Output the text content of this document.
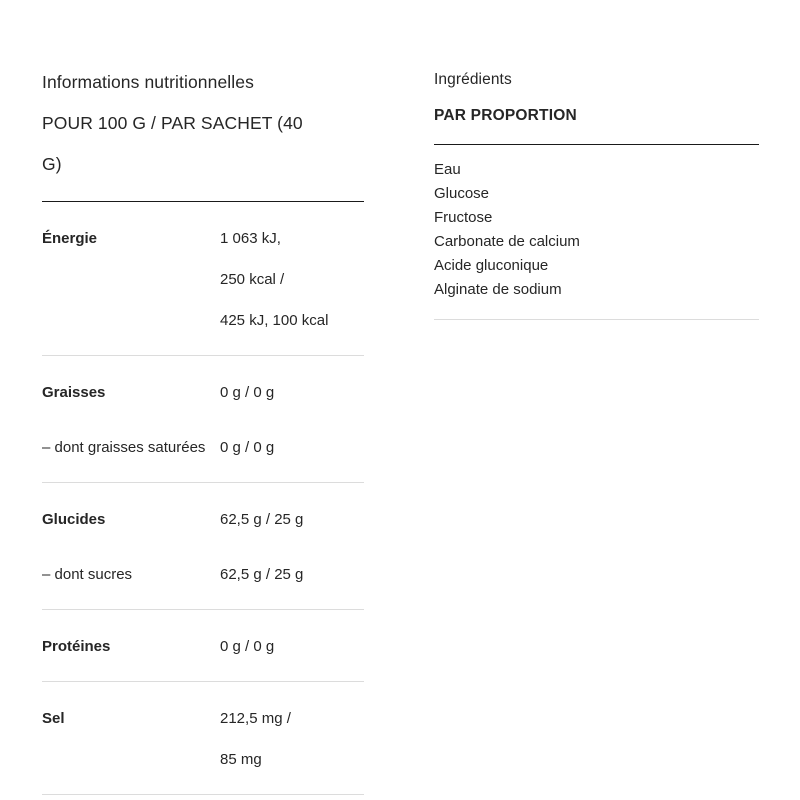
Informations nutritionnelles
POUR 100 G / PAR SACHET (40 G)
Énergie	1 063 kJ,
250 kcal /
425 kJ, 100 kcal
Graisses	0 g / 0 g
– dont graisses saturées 0 g / 0 g
Glucides	62,5 g / 25 g
– dont sucres	62,5 g / 25 g
Protéines	0 g / 0 g
Sel	212,5 mg /
85 mg
Ingrédients
PAR PROPORTION
Eau
Glucose
Fructose
Carbonate de calcium
Acide gluconique
Alginate de sodium
